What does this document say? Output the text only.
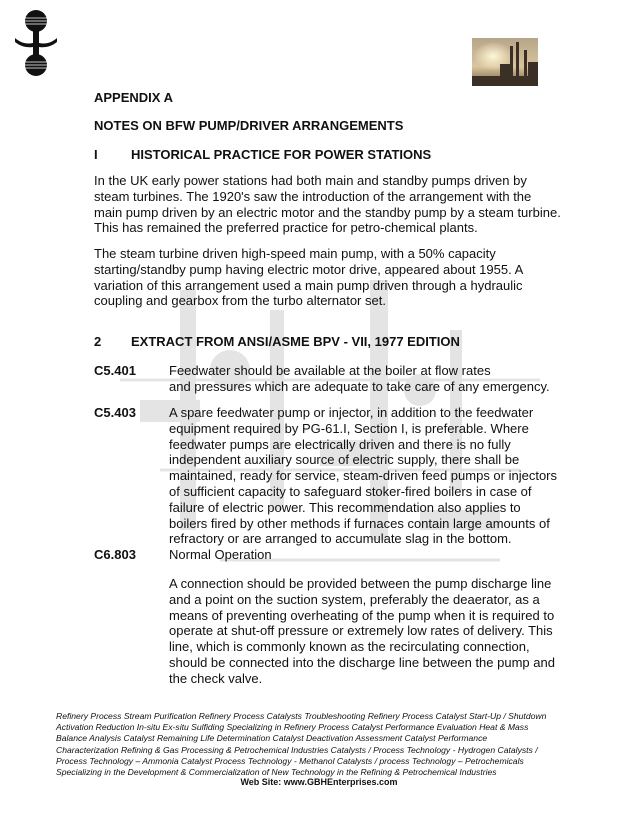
APPENDIX A
NOTES ON BFW PUMP/DRIVER ARRANGEMENTS
I	HISTORICAL PRACTICE FOR POWER STATIONS
In the UK early power stations had both main and standby pumps driven by
steam turbines. The 1920's saw the introduction of the arrangement with the
main pump driven by an electric motor and the standby pump by a steam turbine.
This has remained the preferred practice for petro-chemical plants.
The steam turbine driven high-speed main pump, with a 50% capacity
starting/standby pump having electric motor drive, appeared about 1955. A
variation of this arrangement used a main pump driven through a hydraulic
coupling and gearbox from the turbo alternator set.
2 EXTRACT FROM ANSI/ASME BPV - VII, 1977 EDITION
C5.401	Feedwater should be available at the boiler at flow rates
and pressures which are adequate to take care of any emergency.
C5.403	A spare feedwater pump or injector, in addition to the feedwater
equipment required by PG-61.I, Section I, is preferable. Where
feedwater pumps are electrically driven and there is no fully
independent auxiliary source of electric supply, there shall be
maintained, ready for service, steam-driven feed pumps or injectors
of sufficient capacity to safeguard stoker-fired boilers in case of
failure of electric power. This recommendation also applies to
boilers fired by other methods if furnaces contain large amounts of
refractory or are arranged to accumulate slag in the bottom.
C6.803	Normal Operation
A connection should be provided between the pump discharge line
and a point on the suction system, preferably the deaerator, as a
means of preventing overheating of the pump when it is required to
operate at shut-off pressure or extremely low rates of delivery. This
line, which is commonly known as the recirculating connection,
should be connected into the discharge line between the pump and
the check valve.
Refinery Process Stream Purification Refinery Process Catalysts Troubleshooting Refinery Process Catalyst Start-Up / Shutdown
Activation Reduction In-situ Ex-situ Sulfiding Specializing in Refinery Process Catalyst Performance Evaluation Heat & Mass
Balance Analysis Catalyst Remaining Life Determination Catalyst Deactivation Assessment Catalyst Performance
Characterization Refining & Gas Processing & Petrochemical Industries Catalysts / Process Technology - Hydrogen Catalysts /
Process Technology – Ammonia Catalyst Process Technology - Methanol Catalysts / process Technology – Petrochemicals
Specializing in the Development & Commercialization of New Technology in the Refining & Petrochemical Industries
Web Site: www.GBHEnterprises.com
